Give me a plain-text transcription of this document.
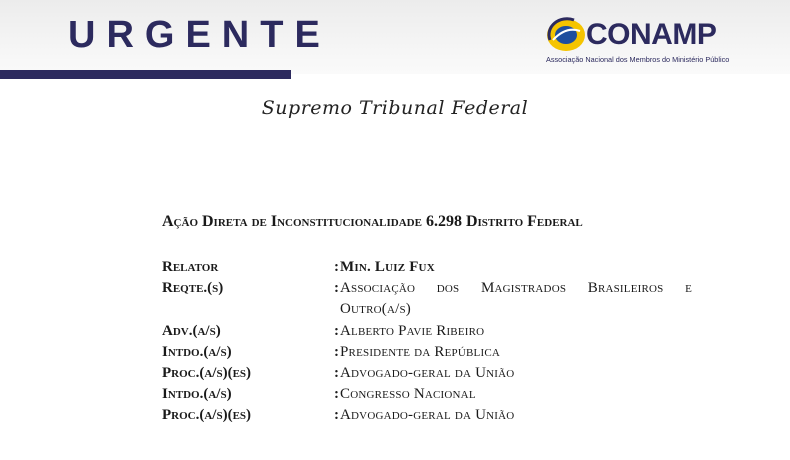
URGENTE	CONAMP
Associação Nacional dos Membros do Ministério Público
Supremo Tribunal Federal
Ação Direta de Inconstitucionalidade 6.298 Distrito Federal
Relator	: Min. Luiz Fux
Reqte.(s)	: Associação dos Magistrados Brasileiros e Outro(a/s)
Adv.(a/s)	: Alberto Pavie Ribeiro
Intdo.(a/s)	: Presidente da República
Proc.(a/s)(es)	: Advogado-geral da União
Intdo.(a/s)	: Congresso Nacional
Proc.(a/s)(es)	: Advogado-geral da União
